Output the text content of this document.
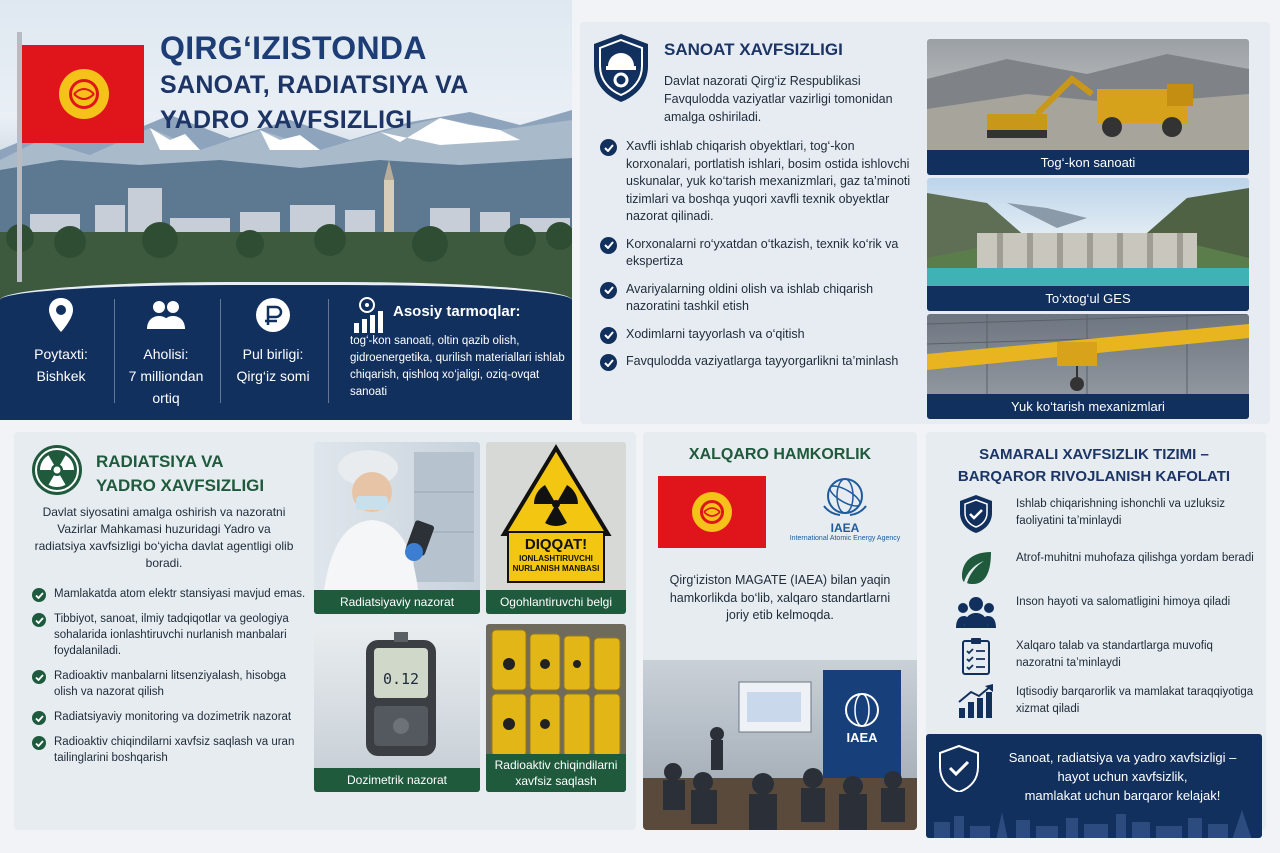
QIRG‘IZISTONDA
SANOAT, RADIATSIYA VA
YADRO XAVFSIZLIGI
Poytaxti:
Bishkek
Aholisi:
7 milliondan ortiq
Pul birligi:
Qirg‘iz somi
Asosiy tarmoqlar:
tog‘-kon sanoati, oltin qazib olish, gidroenergetika, qurilish materiallari ishlab chiqarish, qishloq xo‘jaligi, oziq-ovqat sanoati
SANOAT XAVFSIZLIGI
Davlat nazorati Qirg‘iz Respublikasi Favqulodda vaziyatlar vazirligi tomonidan amalga oshiriladi.
Xavfli ishlab chiqarish obyektlari, tog‘-kon korxonalari, portlatish ishlari, bosim ostida ishlovchi uskunalar, yuk ko‘tarish mexanizmlari, gaz ta’minoti tizimlari va boshqa yuqori xavfli texnik obyektlar nazorat qilinadi.
Korxonalarni ro‘yxatdan o‘tkazish, texnik ko‘rik va ekspertiza
Avariyalarning oldini olish va ishlab chiqarish nazoratini tashkil etish
Xodimlarni tayyorlash va o‘qitish
Favqulodda vaziyatlarga tayyorgarlikni ta’minlash
Tog‘-kon sanoati
To‘xtog‘ul GES
Yuk ko‘tarish mexanizmlari
RADIATSIYA VA
YADRO XAVFSIZLIGI
Davlat siyosatini amalga oshirish va nazoratni Vazirlar Mahkamasi huzuridagi Yadro va radiatsiya xavfsizligi bo‘yicha davlat agentligi olib boradi.
Mamlakatda atom elektr stansiyasi mavjud emas.
Tibbiyot, sanoat, ilmiy tadqiqotlar va geologiya sohalarida ionlashtiruvchi nurlanish manbalari foydalaniladi.
Radioaktiv manbalarni litsenziyalash, hisobga olish va nazorat qilish
Radiatsiyaviy monitoring va dozimetrik nazorat
Radioaktiv chiqindilarni xavfsiz saqlash va uran tailinglarini boshqarish
Radiatsiyaviy nazorat
DIQQAT!
IONLASHTIRUVCHI NURLANISH MANBASI
Ogohlantiruvchi belgi
0.12
Dozimetrik nazorat
Radioaktiv chiqindilarni xavfsiz saqlash
XALQARO HAMKORLIK
IAEA
International Atomic Energy Agency
Qirg‘iziston MAGATE (IAEA) bilan yaqin hamkorlikda bo‘lib, xalqaro standartlarni joriy etib kelmoqda.
IAEA
SAMARALI XAVFSIZLIK TIZIMI –
BARQAROR RIVOJLANISH KAFOLATI
Ishlab chiqarishning ishonchli va uzluksiz faoliyatini ta’minlaydi
Atrof-muhitni muhofaza qilishga yordam beradi
Inson hayoti va salomatligini himoya qiladi
Xalqaro talab va standartlarga muvofiq nazoratni ta’minlaydi
Iqtisodiy barqarorlik va mamlakat taraqqiyotiga xizmat qiladi
Sanoat, radiatsiya va yadro xavfsizligi –
hayot uchun xavfsizlik,
mamlakat uchun barqaror kelajak!
